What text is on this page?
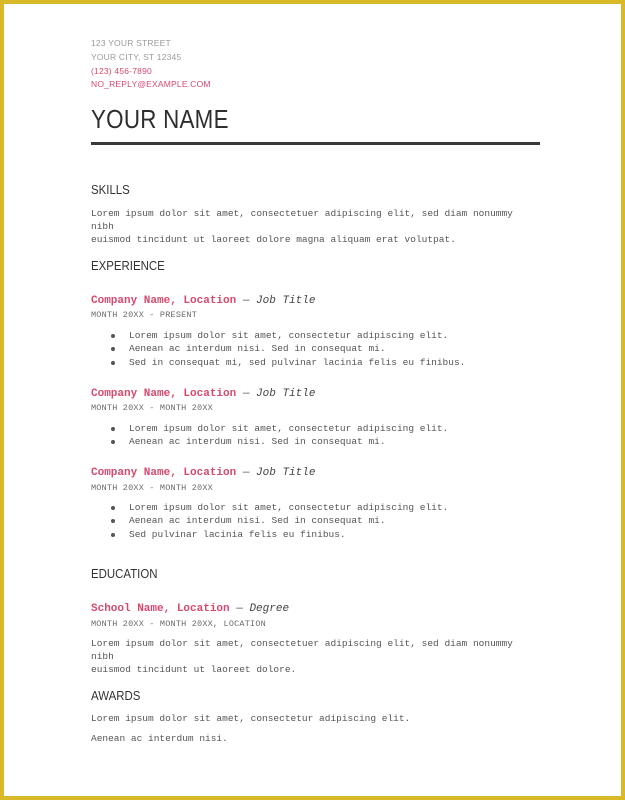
123 YOUR STREET
YOUR CITY, ST 12345
(123) 456-7890
NO_REPLY@EXAMPLE.COM
YOUR NAME
SKILLS
Lorem ipsum dolor sit amet, consectetuer adipiscing elit, sed diam nonummy nibh
euismod tincidunt ut laoreet dolore magna aliquam erat volutpat.
EXPERIENCE
Company Name, Location — Job Title
MONTH 20XX - PRESENT
Lorem ipsum dolor sit amet, consectetur adipiscing elit.
Aenean ac interdum nisi. Sed in consequat mi.
Sed in consequat mi, sed pulvinar lacinia felis eu finibus.
Company Name, Location — Job Title
MONTH 20XX - MONTH 20XX
Lorem ipsum dolor sit amet, consectetur adipiscing elit.
Aenean ac interdum nisi. Sed in consequat mi.
Company Name, Location — Job Title
MONTH 20XX - MONTH 20XX
Lorem ipsum dolor sit amet, consectetur adipiscing elit.
Aenean ac interdum nisi. Sed in consequat mi.
Sed pulvinar lacinia felis eu finibus.
EDUCATION
School Name, Location — Degree
MONTH 20XX - MONTH 20XX, LOCATION
Lorem ipsum dolor sit amet, consectetuer adipiscing elit, sed diam nonummy nibh
euismod tincidunt ut laoreet dolore.
AWARDS
Lorem ipsum dolor sit amet, consectetur adipiscing elit.
Aenean ac interdum nisi.
